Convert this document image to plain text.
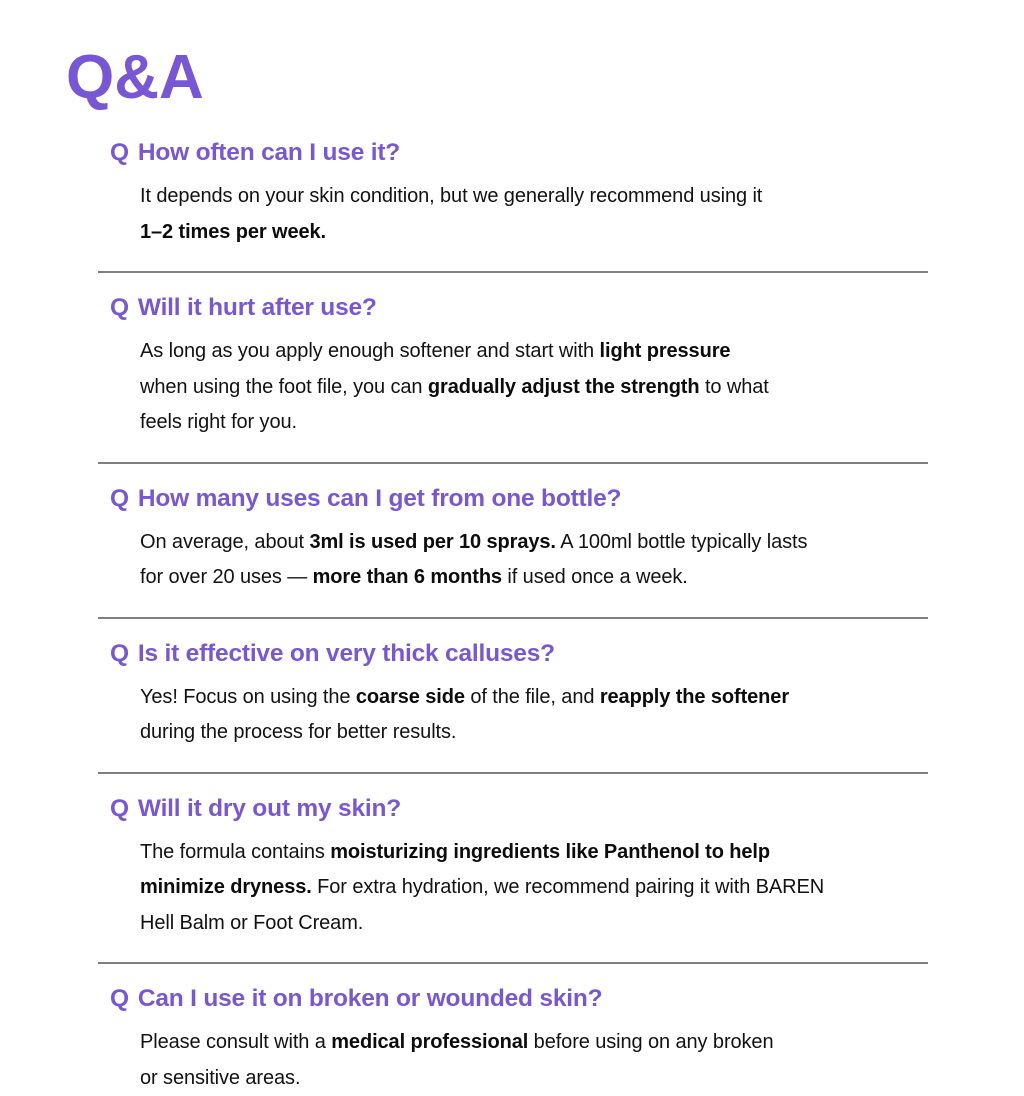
Q&A
Q How often can I use it?
It depends on your skin condition, but we generally recommend using it
1–2 times per week.
Q Will it hurt after use?
As long as you apply enough softener and start with light pressure
when using the foot file, you can gradually adjust the strength to what
feels right for you.
Q How many uses can I get from one bottle?
On average, about 3ml is used per 10 sprays. A 100ml bottle typically lasts
for over 20 uses — more than 6 months if used once a week.
Q Is it effective on very thick calluses?
Yes! Focus on using the coarse side of the file, and reapply the softener
during the process for better results.
Q Will it dry out my skin?
The formula contains moisturizing ingredients like Panthenol to help
minimize dryness. For extra hydration, we recommend pairing it with BAREN
Hell Balm or Foot Cream.
Q Can I use it on broken or wounded skin?
Please consult with a medical professional before using on any broken
or sensitive areas.
